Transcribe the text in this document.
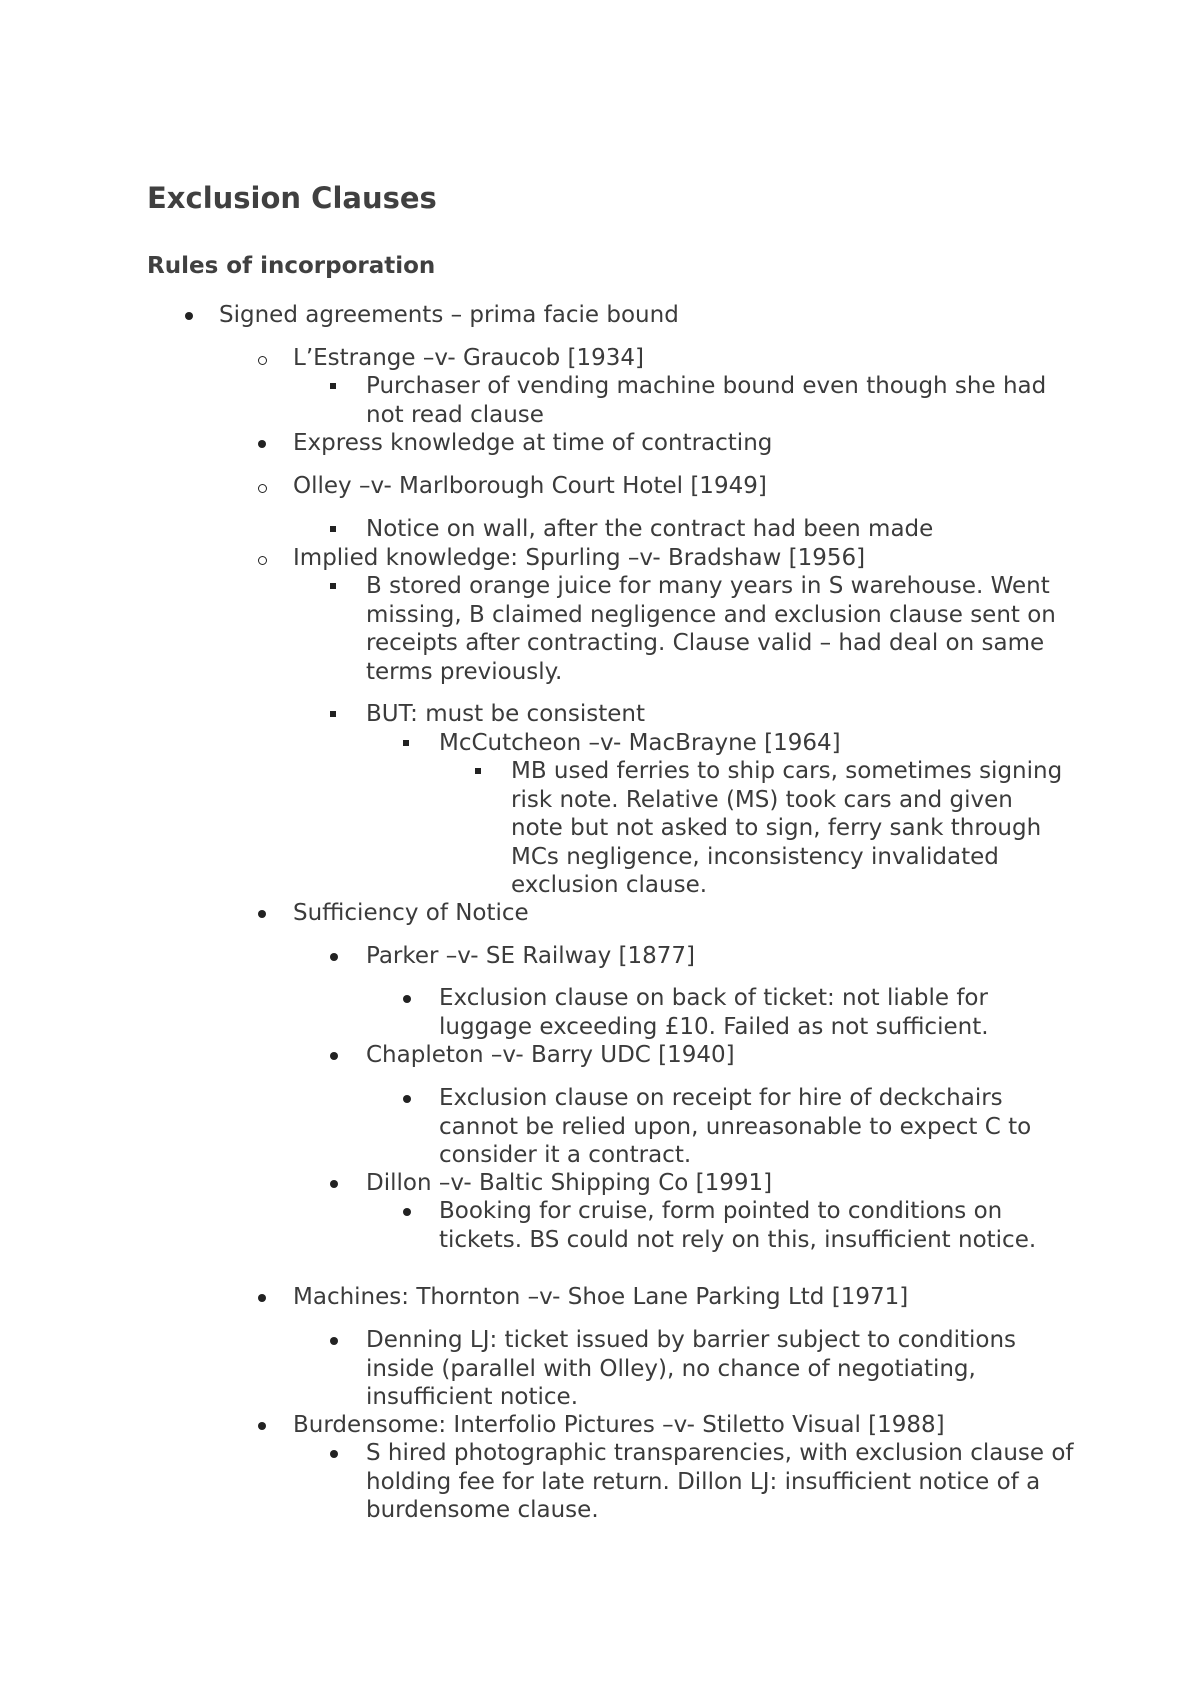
Exclusion Clauses
Rules of incorporation
Signed agreements – prima facie bound
L’Estrange –v- Graucob [1934]
Purchaser of vending machine bound even though she had not read clause
Express knowledge at time of contracting
Olley –v- Marlborough Court Hotel [1949]
Notice on wall, after the contract had been made
Implied knowledge: Spurling –v- Bradshaw [1956]
B stored orange juice for many years in S warehouse. Went missing, B claimed negligence and exclusion clause sent on receipts after contracting. Clause valid – had deal on same terms previously.
BUT: must be consistent
McCutcheon –v- MacBrayne [1964]
MB used ferries to ship cars, sometimes signing risk note. Relative (MS) took cars and given note but not asked to sign, ferry sank through MCs negligence, inconsistency invalidated exclusion clause.
Sufficiency of Notice
Parker –v- SE Railway [1877]
Exclusion clause on back of ticket: not liable for luggage exceeding £10. Failed as not sufficient.
Chapleton –v- Barry UDC [1940]
Exclusion clause on receipt for hire of deckchairs cannot be relied upon, unreasonable to expect C to consider it a contract.
Dillon –v- Baltic Shipping Co [1991]
Booking for cruise, form pointed to conditions on tickets. BS could not rely on this, insufficient notice.
Machines: Thornton –v- Shoe Lane Parking Ltd [1971]
Denning LJ: ticket issued by barrier subject to conditions inside (parallel with Olley), no chance of negotiating, insufficient notice.
Burdensome: Interfolio Pictures –v- Stiletto Visual [1988]
S hired photographic transparencies, with exclusion clause of holding fee for late return. Dillon LJ: insufficient notice of a burdensome clause.
